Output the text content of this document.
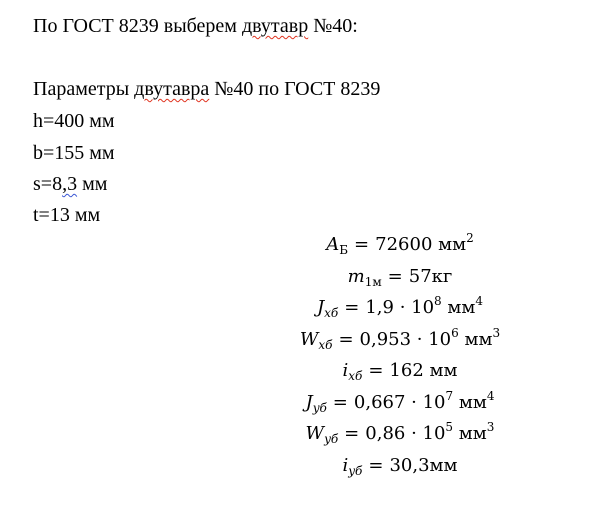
По ГОСТ 8239 выберем двутавр №40:
Параметры двутавра №40 по ГОСТ 8239
h=400 мм
b=155 мм
s=8,3 мм
t=13 мм
$A_Б = 72600$ $мм^2$
$m_{1м} = 57кг$
$J_{xб} = 1,9 \cdot 10^8$ $мм^4$
$W_{xб} = 0,953 \cdot 10^6$ $мм^3$
$i_{xб} = 162$ мм
$J_{yб} = 0,667 \cdot 10^7$ $мм^4$
$W_{yб} = 0,86 \cdot 10^5$ $мм^3$
$i_{yб} = 30,3мм$
